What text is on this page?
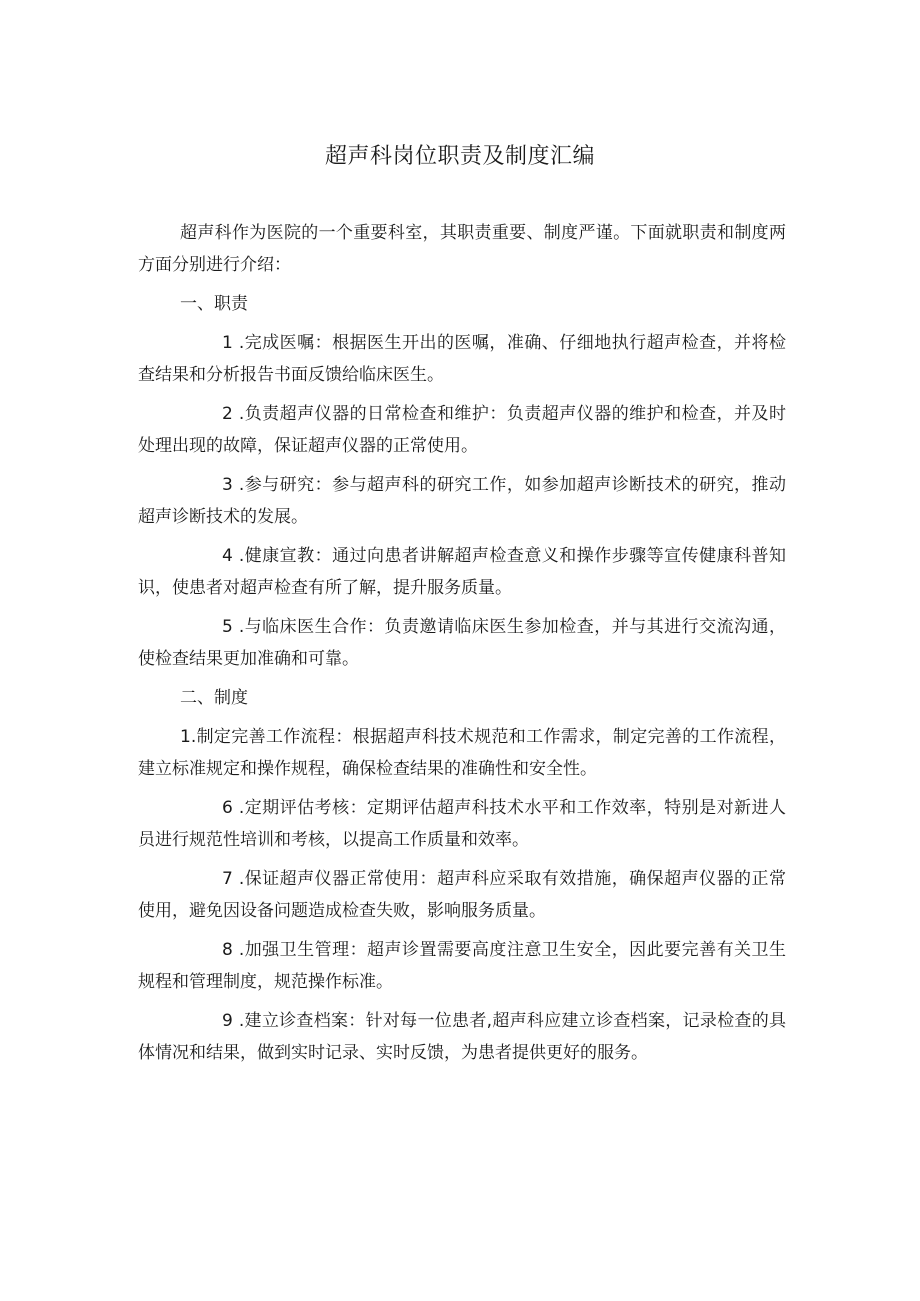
超声科岗位职责及制度汇编

超声科作为医院的一个重要科室，其职责重要、制度严谨。下面就职责和制度两方面分别进行介绍：

一、职责

1 .完成医嘱：根据医生开出的医嘱，准确、仔细地执行超声检查，并将检查结果和分析报告书面反馈给临床医生。

2 .负责超声仪器的日常检查和维护：负责超声仪器的维护和检查，并及时处理出现的故障，保证超声仪器的正常使用。

3 .参与研究：参与超声科的研究工作，如参加超声诊断技术的研究，推动超声诊断技术的发展。

4 .健康宣教：通过向患者讲解超声检查意义和操作步骤等宣传健康科普知识，使患者对超声检查有所了解，提升服务质量。

5 .与临床医生合作：负责邀请临床医生参加检查，并与其进行交流沟通，使检查结果更加准确和可靠。

二、制度

1.制定完善工作流程：根据超声科技术规范和工作需求，制定完善的工作流程，建立标准规定和操作规程，确保检查结果的准确性和安全性。

6 .定期评估考核：定期评估超声科技术水平和工作效率，特别是对新进人员进行规范性培训和考核，以提高工作质量和效率。

7 .保证超声仪器正常使用：超声科应采取有效措施，确保超声仪器的正常使用，避免因设备问题造成检查失败，影响服务质量。

8 .加强卫生管理：超声诊置需要高度注意卫生安全，因此要完善有关卫生规程和管理制度，规范操作标准。

9 .建立诊查档案：针对每一位患者,超声科应建立诊查档案，记录检查的具体情况和结果，做到实时记录、实时反馈，为患者提供更好的服务。
